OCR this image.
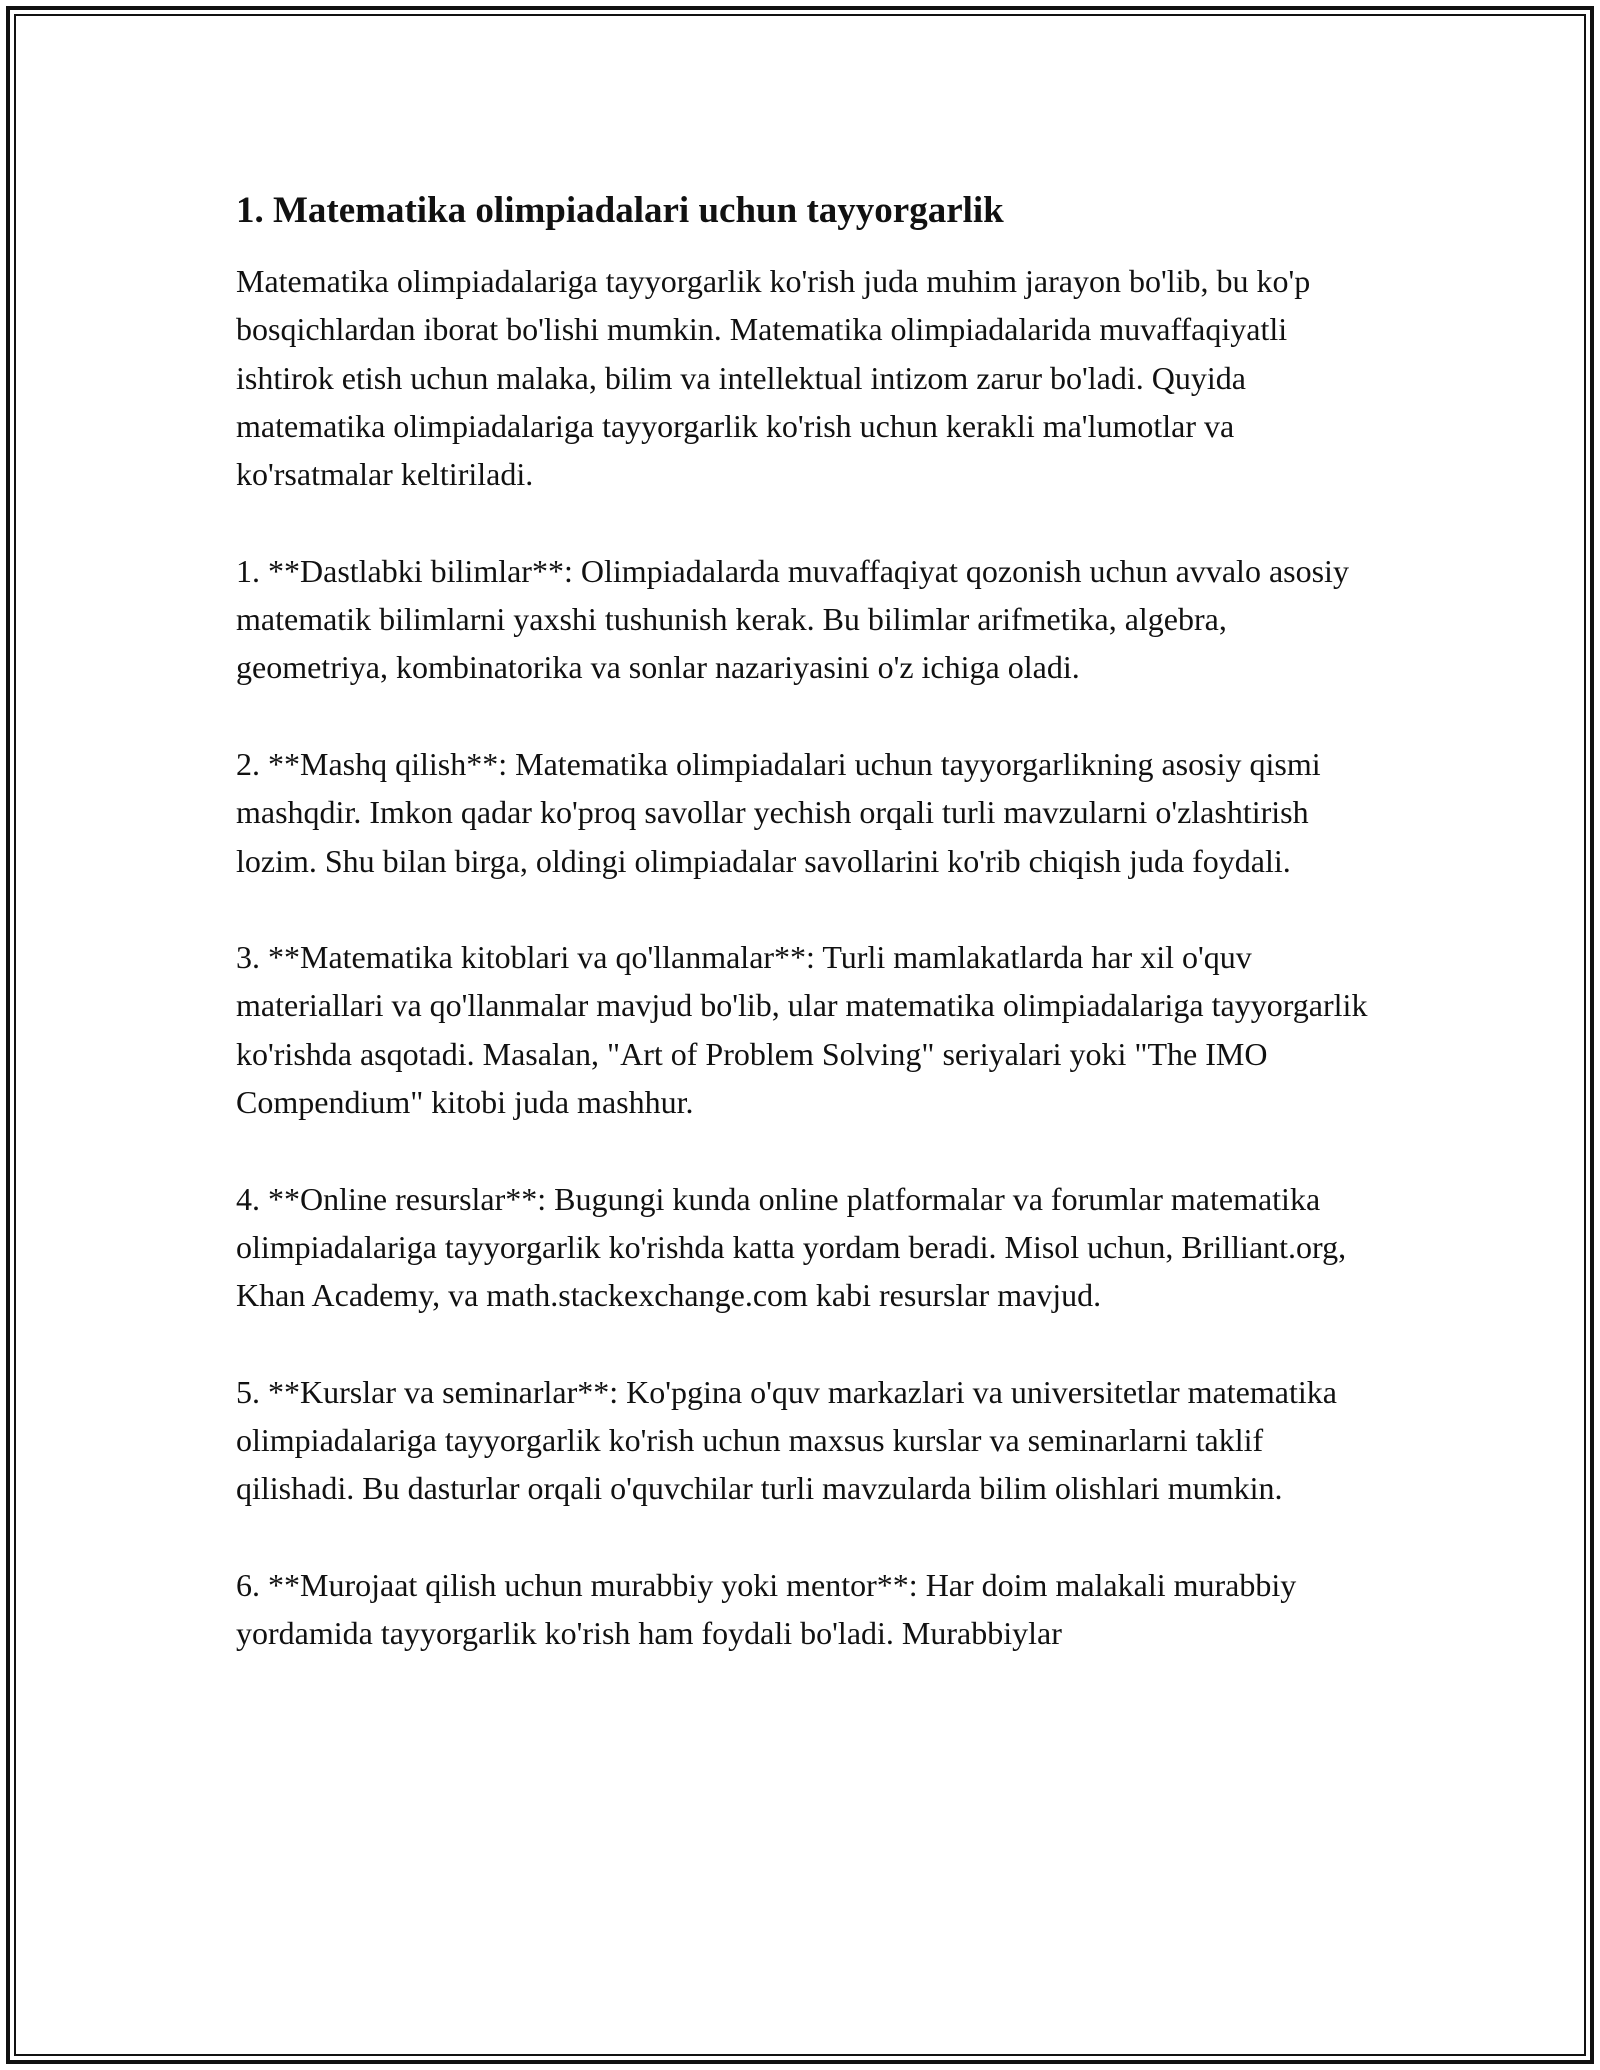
1. Matematika olimpiadalari uchun tayyorgarlik

Matematika olimpiadalariga tayyorgarlik ko'rish juda muhim jarayon bo'lib, bu ko'p bosqichlardan iborat bo'lishi mumkin. Matematika olimpiadalarida muvaffaqiyatli ishtirok etish uchun malaka, bilim va intellektual intizom zarur bo'ladi. Quyida matematika olimpiadalariga tayyorgarlik ko'rish uchun kerakli ma'lumotlar va ko'rsatmalar keltiriladi.

1. **Dastlabki bilimlar**: Olimpiadalarda muvaffaqiyat qozonish uchun avvalo asosiy matematik bilimlarni yaxshi tushunish kerak. Bu bilimlar arifmetika, algebra, geometriya, kombinatorika va sonlar nazariyasini o'z ichiga oladi.

2. **Mashq qilish**: Matematika olimpiadalari uchun tayyorgarlikning asosiy qismi mashqdir. Imkon qadar ko'proq savollar yechish orqali turli mavzularni o'zlashtirish lozim. Shu bilan birga, oldingi olimpiadalar savollarini ko'rib chiqish juda foydali.

3. **Matematika kitoblari va qo'llanmalar**: Turli mamlakatlarda har xil o'quv materiallari va qo'llanmalar mavjud bo'lib, ular matematika olimpiadalariga tayyorgarlik ko'rishda asqotadi. Masalan, "Art of Problem Solving" seriyalari yoki "The IMO Compendium" kitobi juda mashhur.

4. **Online resurslar**: Bugungi kunda online platformalar va forumlar matematika olimpiadalariga tayyorgarlik ko'rishda katta yordam beradi. Misol uchun, Brilliant.org, Khan Academy, va math.stackexchange.com kabi resurslar mavjud.

5. **Kurslar va seminarlar**: Ko'pgina o'quv markazlari va universitetlar matematika olimpiadalariga tayyorgarlik ko'rish uchun maxsus kurslar va seminarlarni taklif qilishadi. Bu dasturlar orqali o'quvchilar turli mavzularda bilim olishlari mumkin.

6. **Murojaat qilish uchun murabbiy yoki mentor**: Har doim malakali murabbiy yordamida tayyorgarlik ko'rish ham foydali bo'ladi. Murabbiylar
